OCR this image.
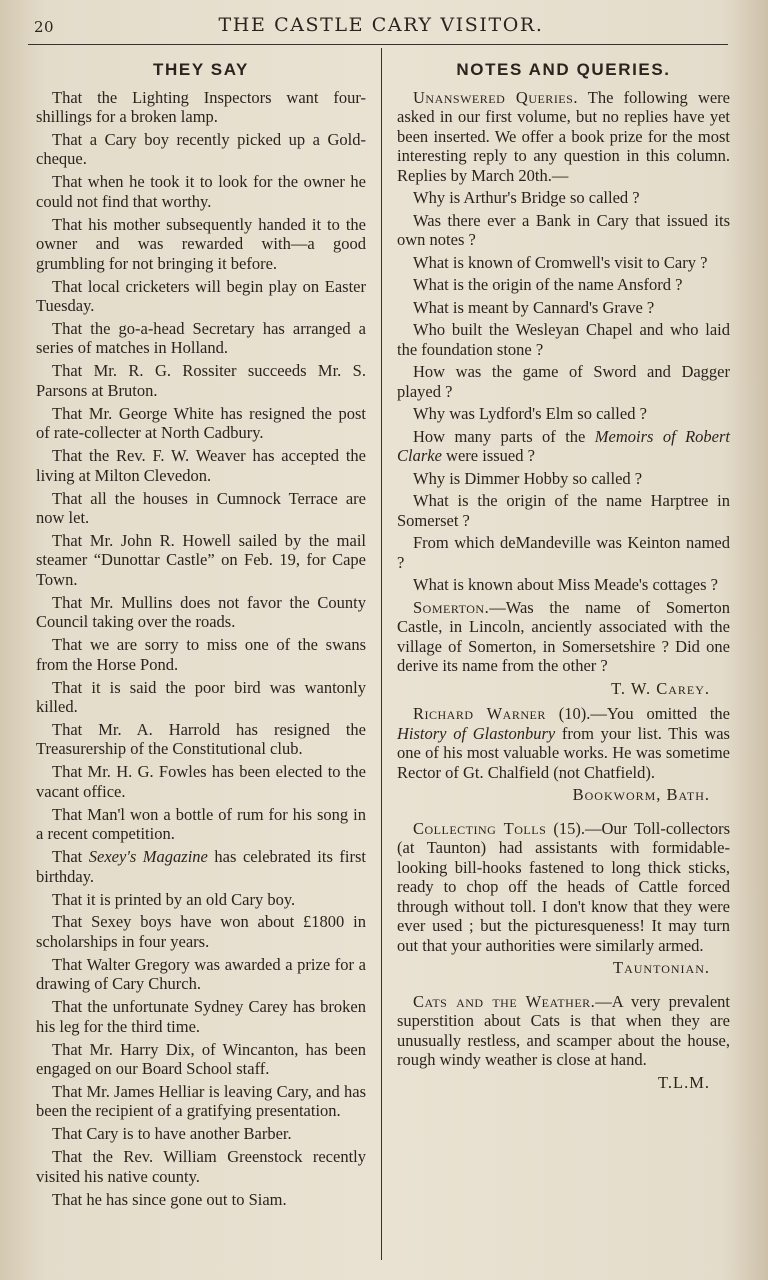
20	THE CASTLE CARY VISITOR.
THEY SAY

That the Lighting Inspectors want four-shillings for a broken lamp.

That a Cary boy recently picked up a Gold-cheque.

That when he took it to look for the owner he could not find that worthy.

That his mother subsequently handed it to the owner and was rewarded with—a good grumbling for not bringing it before.

That local cricketers will begin play on Easter Tuesday.

That the go-a-head Secretary has arranged a series of matches in Holland.

That Mr. R. G. Rossiter succeeds Mr. S. Parsons at Bruton.

That Mr. George White has resigned the post of rate-collecter at North Cadbury.

That the Rev. F. W. Weaver has accepted the living at Milton Clevedon.

That all the houses in Cumnock Terrace are now let.

That Mr. John R. Howell sailed by the mail steamer “Dunottar Castle” on Feb. 19, for Cape Town.

That Mr. Mullins does not favor the County Council taking over the roads.

That we are sorry to miss one of the swans from the Horse Pond.

That it is said the poor bird was wantonly killed.

That Mr. A. Harrold has resigned the Treasurership of the Constitutional club.

That Mr. H. G. Fowles has been elected to the vacant office.

That Man'l won a bottle of rum for his song in a recent competition.

That Sexey's Magazine has celebrated its first birthday.

That it is printed by an old Cary boy.

That Sexey boys have won about £1800 in scholarships in four years.

That Walter Gregory was awarded a prize for a drawing of Cary Church.

That the unfortunate Sydney Carey has broken his leg for the third time.

That Mr. Harry Dix, of Wincanton, has been engaged on our Board School staff.

That Mr. James Helliar is leaving Cary, and has been the recipient of a gratifying presentation.

That Cary is to have another Barber.

That the Rev. William Greenstock recently visited his native county.

That he has since gone out to Siam.

NOTES AND QUERIES.

Unanswered Queries. The following were asked in our first volume, but no replies have yet been inserted. We offer a book prize for the most interesting reply to any question in this column. Replies by March 20th.—

Why is Arthur's Bridge so called ?

Was there ever a Bank in Cary that issued its own notes ?

What is known of Cromwell's visit to Cary ?

What is the origin of the name Ansford ?

What is meant by Cannard's Grave ?

Who built the Wesleyan Chapel and who laid the foundation stone ?

How was the game of Sword and Dagger played ?

Why was Lydford's Elm so called ?

How many parts of the Memoirs of Robert Clarke were issued ?

Why is Dimmer Hobby so called ?

What is the origin of the name Harptree in Somerset ?

From which deMandeville was Keinton named ?

What is known about Miss Meade's cottages ?

Somerton.—Was the name of Somerton Castle, in Lincoln, anciently associated with the village of Somerton, in Somersetshire ? Did one derive its name from the other ?

T. W. Carey.

Richard Warner (10).—You omitted the History of Glastonbury from your list. This was one of his most valuable works. He was sometime Rector of Gt. Chalfield (not Chatfield).

Bookworm, Bath.

Collecting Tolls (15).—Our Toll-collectors (at Taunton) had assistants with formidable-looking bill-hooks fastened to long thick sticks, ready to chop off the heads of Cattle forced through without toll. I don't know that they were ever used ; but the picturesqueness! It may turn out that your authorities were similarly armed.

Tauntonian.

Cats and the Weather.—A very prevalent superstition about Cats is that when they are unusually restless, and scamper about the house, rough windy weather is close at hand.

T.L.M.
